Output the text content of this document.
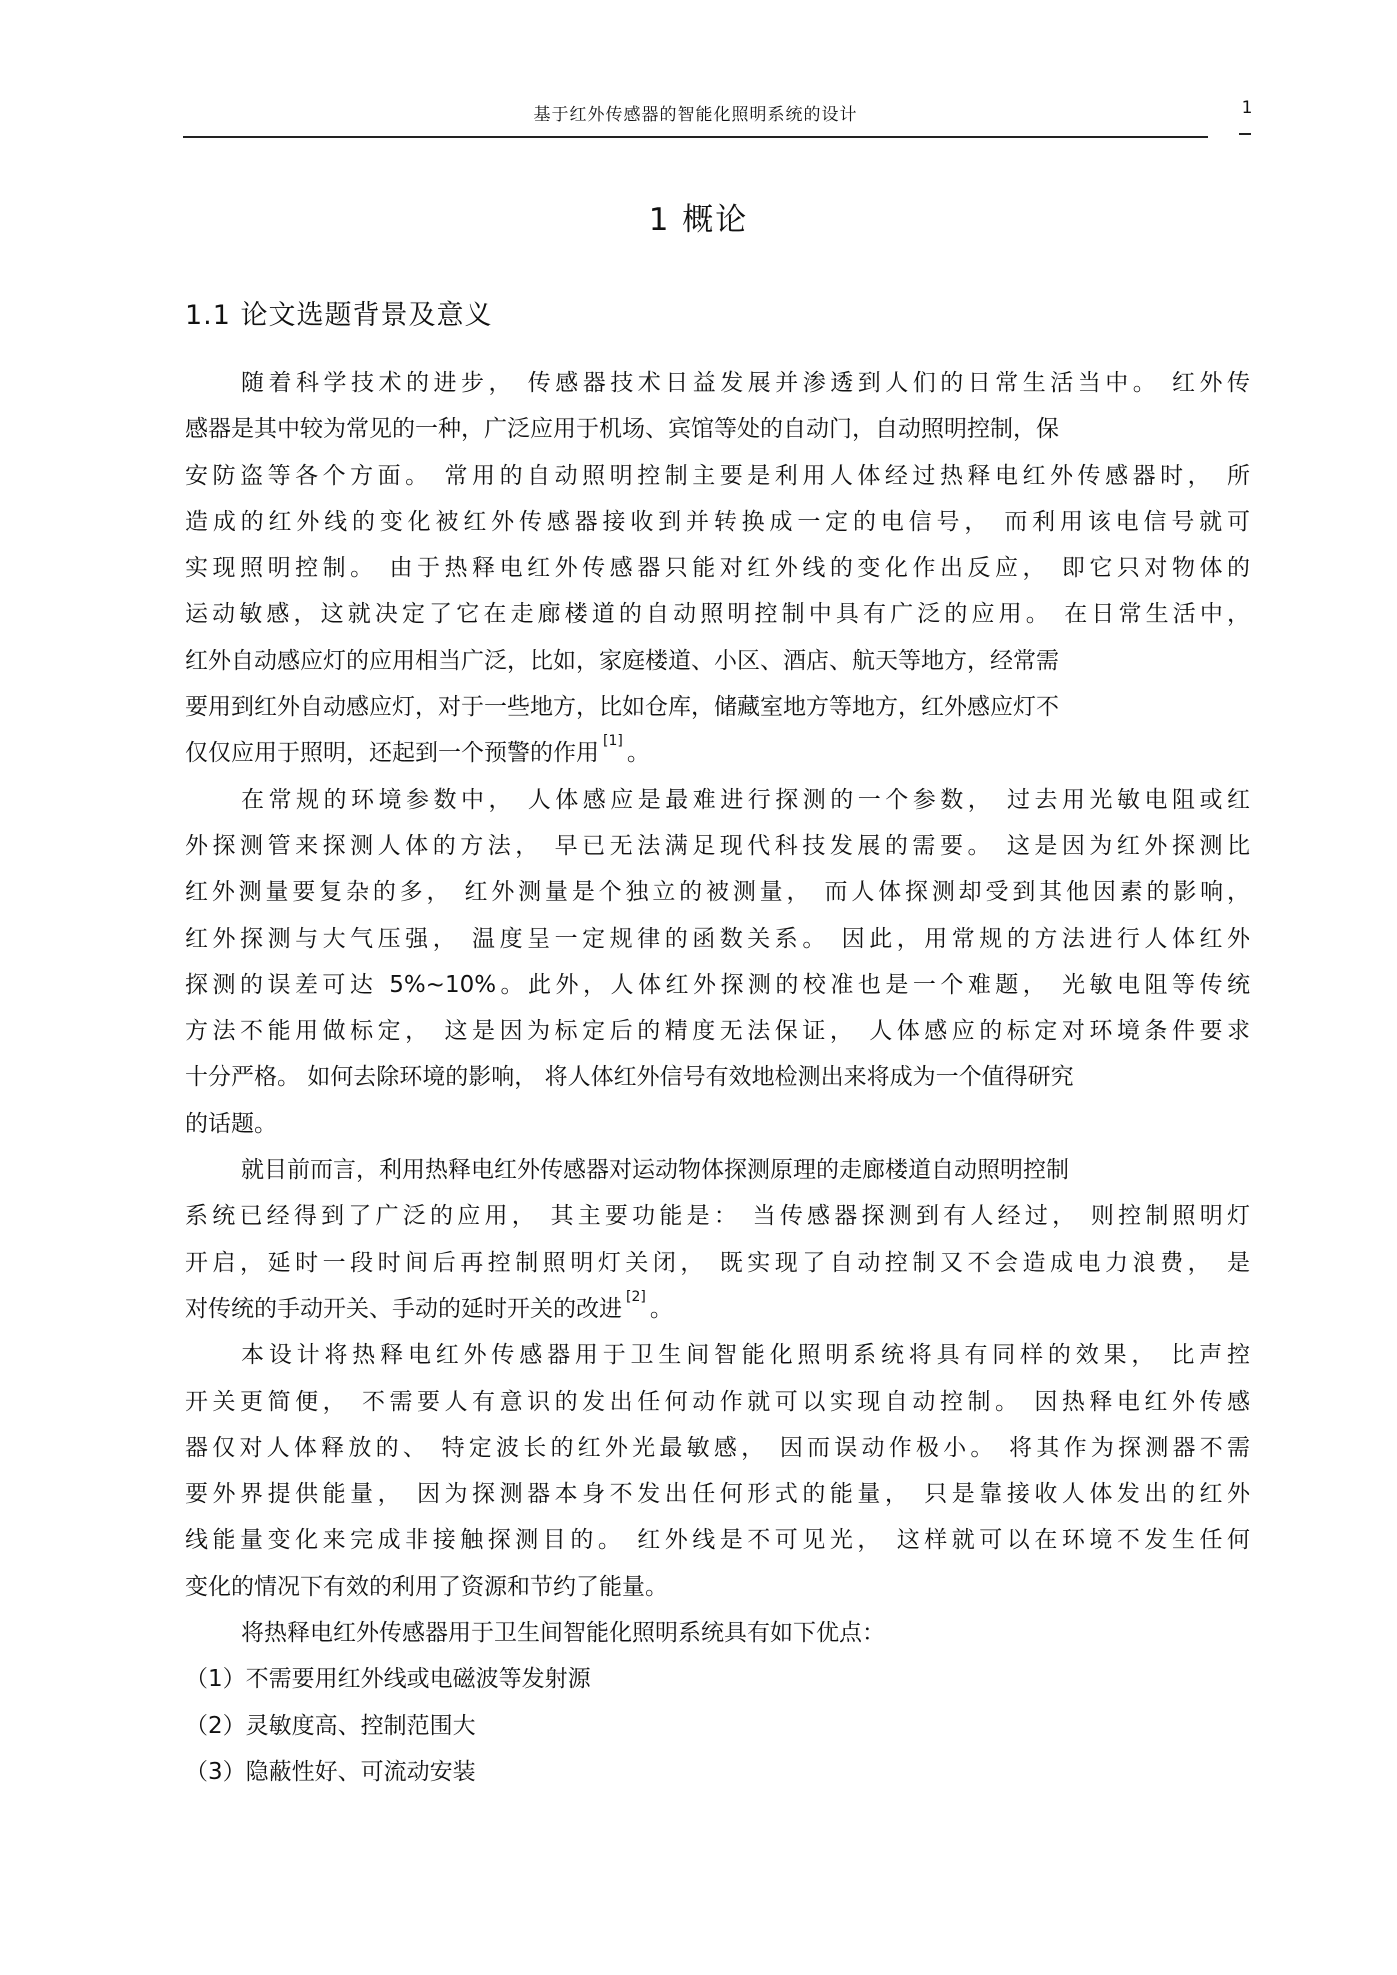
基于红外传感器的智能化照明系统的设计	1
1 概论
1.1 论文选题背景及意义
随着科学技术的进步， 传感器技术日益发展并渗透到人们的日常生活当中。 红外传
感器是其中较为常见的一种，广泛应用于机场、宾馆等处的自动门，自动照明控制，保
安防盗等各个方面。 常用的自动照明控制主要是利用人体经过热释电红外传感器时， 所
造成的红外线的变化被红外传感器接收到并转换成一定的电信号， 而利用该电信号就可
实现照明控制。 由于热释电红外传感器只能对红外线的变化作出反应， 即它只对物体的
运动敏感，这就决定了它在走廊楼道的自动照明控制中具有广泛的应用。 在日常生活中，
红外自动感应灯的应用相当广泛，比如，家庭楼道、小区、酒店、航天等地方，经常需
要用到红外自动感应灯，对于一些地方，比如仓库，储藏室地方等地方，红外感应灯不
仅仅应用于照明，还起到一个预警的作用 [1] 。
在常规的环境参数中， 人体感应是最难进行探测的一个参数， 过去用光敏电阻或红
外探测管来探测人体的方法， 早已无法满足现代科技发展的需要。 这是因为红外探测比
红外测量要复杂的多， 红外测量是个独立的被测量， 而人体探测却受到其他因素的影响，
红外探测与大气压强， 温度呈一定规律的函数关系。 因此，用常规的方法进行人体红外
探测的误差可达 5%~10%。此外，人体红外探测的校准也是一个难题， 光敏电阻等传统
方法不能用做标定， 这是因为标定后的精度无法保证， 人体感应的标定对环境条件要求
十分严格。 如何去除环境的影响， 将人体红外信号有效地检测出来将成为一个值得研究
的话题。
就目前而言，利用热释电红外传感器对运动物体探测原理的走廊楼道自动照明控制
系统已经得到了广泛的应用， 其主要功能是： 当传感器探测到有人经过， 则控制照明灯
开启，延时一段时间后再控制照明灯关闭， 既实现了自动控制又不会造成电力浪费， 是
对传统的手动开关、手动的延时开关的改进 [2] 。
本设计将热释电红外传感器用于卫生间智能化照明系统将具有同样的效果， 比声控
开关更简便， 不需要人有意识的发出任何动作就可以实现自动控制。 因热释电红外传感
器仅对人体释放的、 特定波长的红外光最敏感， 因而误动作极小。 将其作为探测器不需
要外界提供能量， 因为探测器本身不发出任何形式的能量， 只是靠接收人体发出的红外
线能量变化来完成非接触探测目的。 红外线是不可见光， 这样就可以在环境不发生任何
变化的情况下有效的利用了资源和节约了能量。
将热释电红外传感器用于卫生间智能化照明系统具有如下优点：
（1）不需要用红外线或电磁波等发射源
（2）灵敏度高、控制范围大
（3）隐蔽性好、可流动安装
